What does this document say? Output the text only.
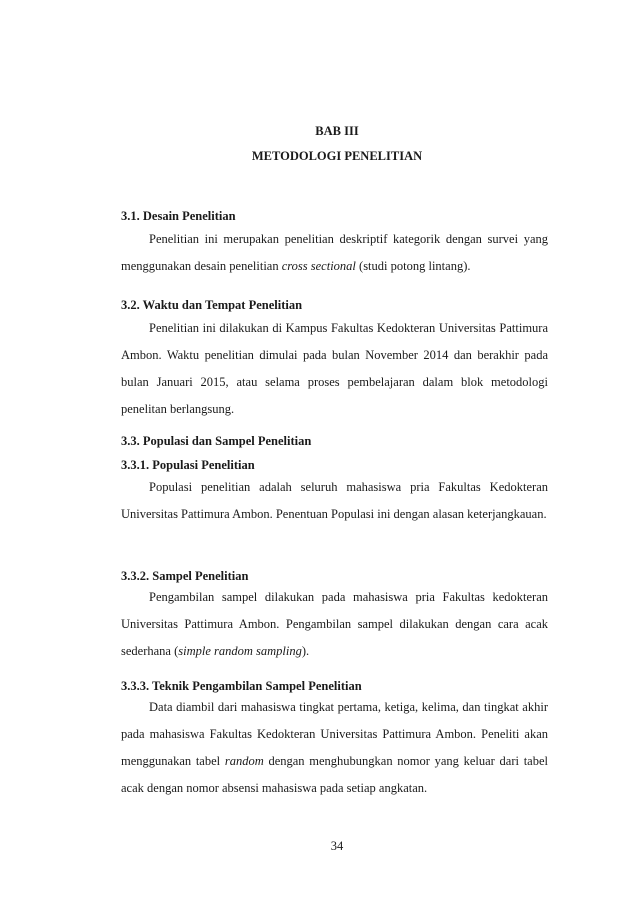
BAB III
METODOLOGI PENELITIAN
3.1. Desain Penelitian

Penelitian ini merupakan penelitian deskriptif kategorik dengan survei yang menggunakan desain penelitian cross sectional (studi potong lintang).

3.2. Waktu dan Tempat Penelitian

Penelitian ini dilakukan di Kampus Fakultas Kedokteran Universitas Pattimura Ambon. Waktu penelitian dimulai pada bulan November 2014 dan berakhir pada bulan Januari 2015, atau selama proses pembelajaran dalam blok metodologi penelitan berlangsung.

3.3. Populasi dan Sampel Penelitian
3.3.1. Populasi Penelitian

Populasi penelitian adalah seluruh mahasiswa pria Fakultas Kedokteran Universitas Pattimura Ambon. Penentuan Populasi ini dengan alasan keterjangkauan.

3.3.2. Sampel Penelitian

Pengambilan sampel dilakukan pada mahasiswa pria Fakultas kedokteran Universitas Pattimura Ambon. Pengambilan sampel dilakukan dengan cara acak sederhana (simple random sampling).

3.3.3. Teknik Pengambilan Sampel Penelitian

Data diambil dari mahasiswa tingkat pertama, ketiga, kelima, dan tingkat akhir pada mahasiswa Fakultas Kedokteran Universitas Pattimura Ambon. Peneliti akan menggunakan tabel random dengan menghubungkan nomor yang keluar dari tabel acak dengan nomor absensi mahasiswa pada setiap angkatan.

34
